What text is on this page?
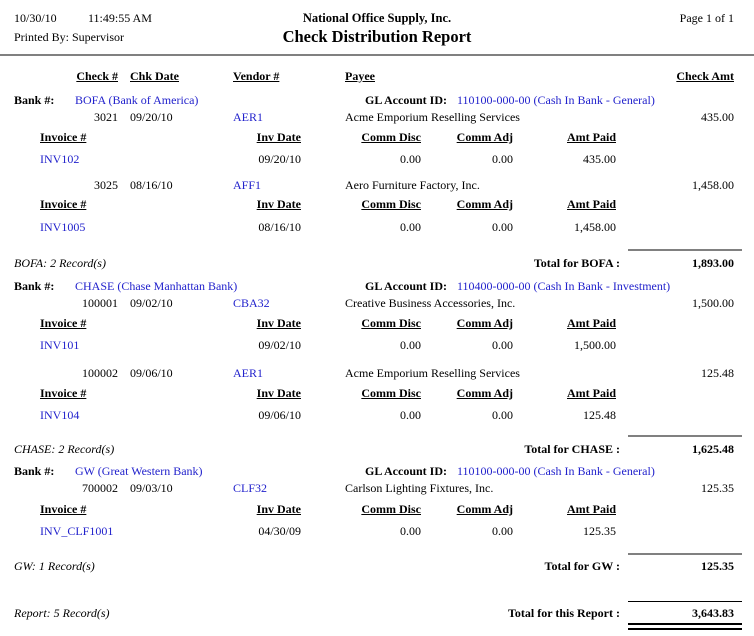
10/30/10	11:49:55 AM	National Office Supply, Inc.	Page 1 of 1
Printed By: Supervisor	Check Distribution Report
Check # Chk Date	Vendor #	Payee	Check Amt
Bank #: BOFA (Bank of America)	GL Account ID: 110100-000-00 (Cash In Bank - General)
3021 09/20/10	AER1	Acme Emporium Reselling Services	435.00
Invoice #	Inv Date	Comm Disc	Comm Adj	Amt Paid
INV102	09/20/10	0.00	0.00	435.00
3025 08/16/10	AFF1	Aero Furniture Factory, Inc.	1,458.00
Invoice #	Inv Date	Comm Disc	Comm Adj	Amt Paid
INV1005	08/16/10	0.00	0.00	1,458.00
BOFA: 2 Record(s)	Total for BOFA :	1,893.00
Bank #: CHASE (Chase Manhattan Bank)	GL Account ID: 110400-000-00 (Cash In Bank - Investment)
100001 09/02/10	CBA32	Creative Business Accessories, Inc.	1,500.00
Invoice #	Inv Date	Comm Disc	Comm Adj	Amt Paid
INV101	09/02/10	0.00	0.00	1,500.00
100002 09/06/10	AER1	Acme Emporium Reselling Services	125.48
Invoice #	Inv Date	Comm Disc	Comm Adj	Amt Paid
INV104	09/06/10	0.00	0.00	125.48
CHASE: 2 Record(s)	Total for CHASE :	1,625.48
Bank #: GW (Great Western Bank)	GL Account ID: 110100-000-00 (Cash In Bank - General)
700002 09/03/10	CLF32	Carlson Lighting Fixtures, Inc.	125.35
Invoice #	Inv Date	Comm Disc	Comm Adj	Amt Paid
INV_CLF1001	04/30/09	0.00	0.00	125.35
GW: 1 Record(s)	Total for GW :	125.35
Report: 5 Record(s)	Total for this Report :	3,643.83
